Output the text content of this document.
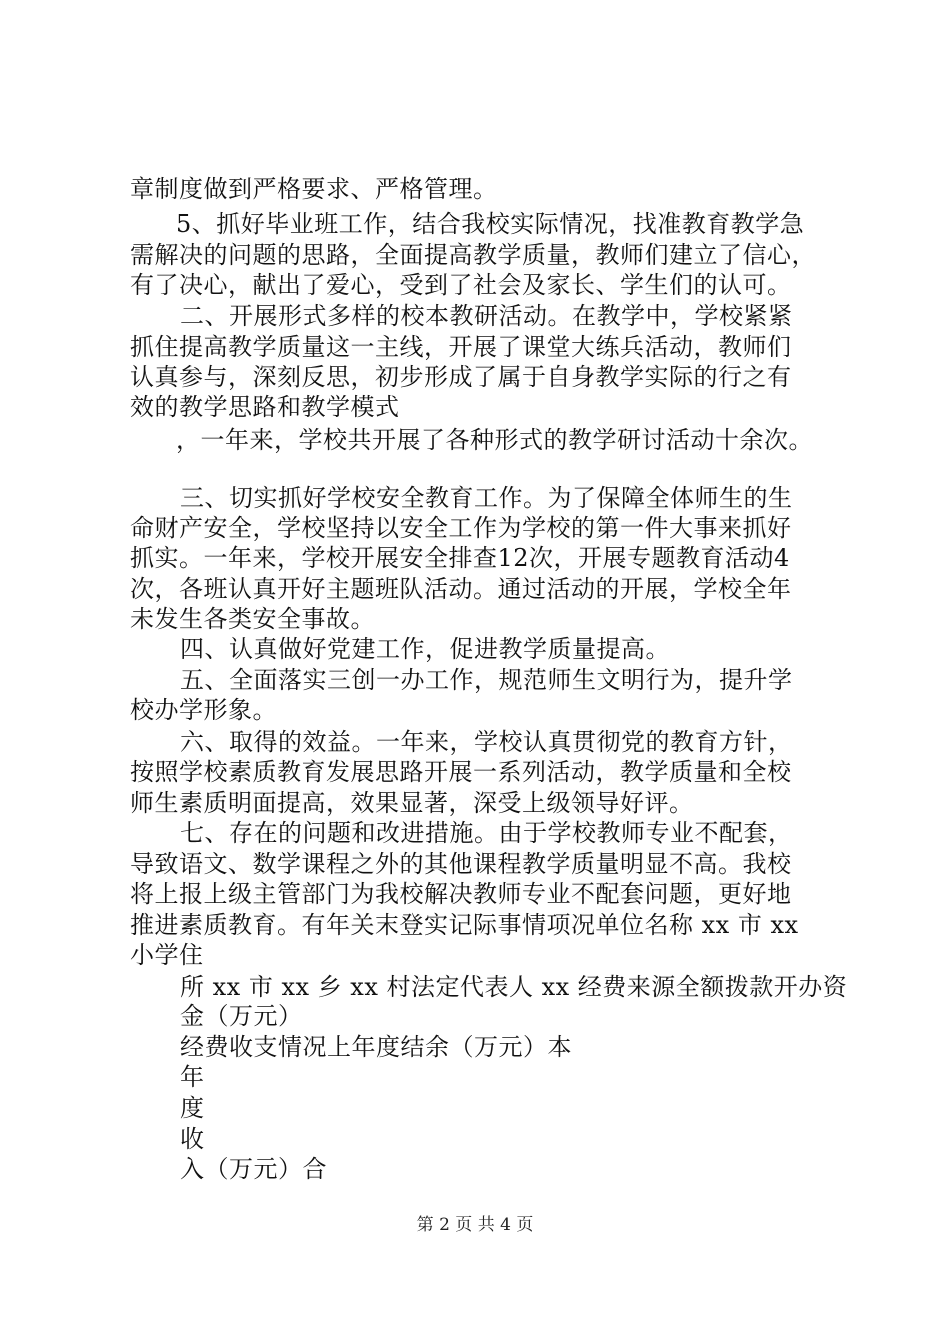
章制度做到严格要求、严格管理。
5、抓好毕业班工作，结合我校实际情况，找准教育教学急
需解决的问题的思路，全面提高教学质量，教师们建立了信心，
有了决心，献出了爱心，受到了社会及家长、学生们的认可。
二、开展形式多样的校本教研活动。在教学中，学校紧紧
抓住提高教学质量这一主线，开展了课堂大练兵活动，教师们
认真参与，深刻反思，初步形成了属于自身教学实际的行之有
效的教学思路和教学模式
，一年来，学校共开展了各种形式的教学研讨活动十余次。
三、切实抓好学校安全教育工作。为了保障全体师生的生
命财产安全，学校坚持以安全工作为学校的第一件大事来抓好
抓实。一年来，学校开展安全排查12次，开展专题教育活动4
次，各班认真开好主题班队活动。通过活动的开展，学校全年
未发生各类安全事故。
四、认真做好党建工作，促进教学质量提高。
五、全面落实三创一办工作，规范师生文明行为，提升学
校办学形象。
六、取得的效益。一年来，学校认真贯彻党的教育方针，
按照学校素质教育发展思路开展一系列活动，教学质量和全校
师生素质明面提高，效果显著，深受上级领导好评。
七、存在的问题和改进措施。由于学校教师专业不配套，
导致语文、数学课程之外的其他课程教学质量明显不高。我校
将上报上级主管部门为我校解决教师专业不配套问题，更好地
推进素质教育。有年关末登实记际事情项况单位名称 xx 市 xx
小学住
所 xx 市 xx 乡 xx 村法定代表人 xx 经费来源全额拨款开办资
金（万元）
经费收支情况上年度结余（万元）本
年
度
收
入（万元）合
第 2 页 共 4 页
